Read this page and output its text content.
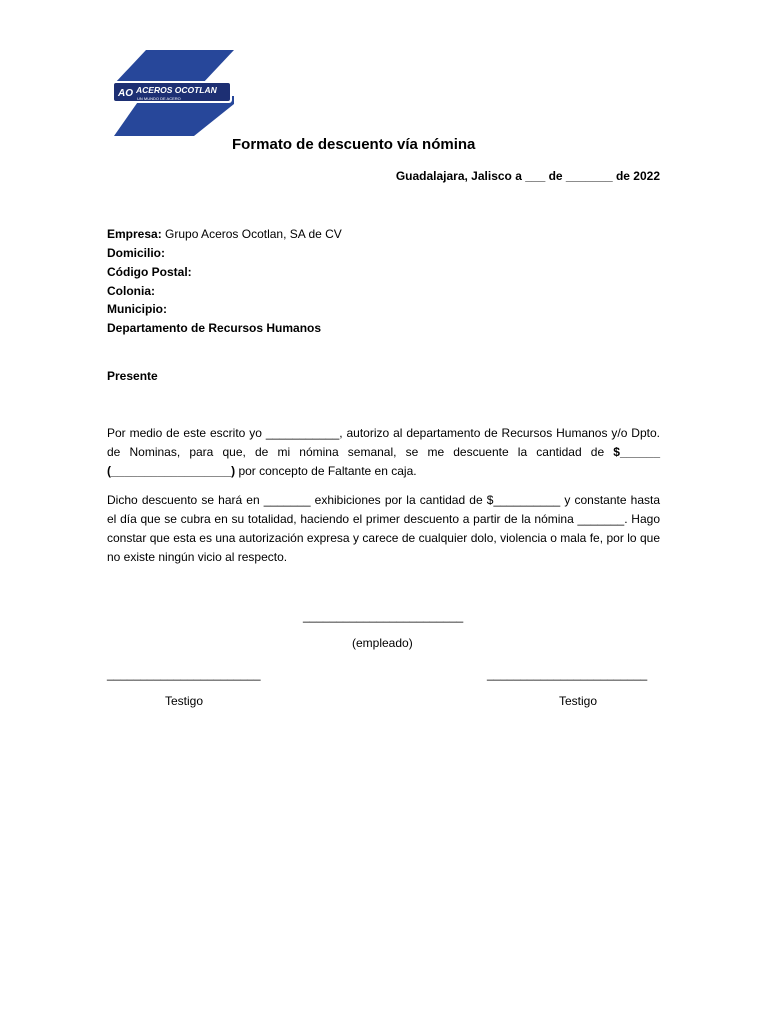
AO ACEROS OCOTLAN
UN MUNDO DE ACERO
Formato de descuento vía nómina
Guadalajara, Jalisco a ___ de _______ de 2022
Empresa: Grupo Aceros Ocotlan, SA de CV
Domicilio:
Código Postal:
Colonia:
Municipio:
Departamento de Recursos Humanos
Presente
Por medio de este escrito yo ___________, autorizo al departamento de Recursos Humanos y/o Dpto. de Nominas, para que, de mi nómina semanal, se me descuente la cantidad de $______ (__________________) por concepto de Faltante en caja.
Dicho descuento se hará en _______ exhibiciones por la cantidad de $__________ y constante hasta el día que se cubra en su totalidad, haciendo el primer descuento a partir de la nómina _______. Hago constar que esta es una autorización expresa y carece de cualquier dolo, violencia o mala fe, por lo que no existe ningún vicio al respecto.
________________________
(empleado)
_______________________
Testigo
________________________
Testigo
